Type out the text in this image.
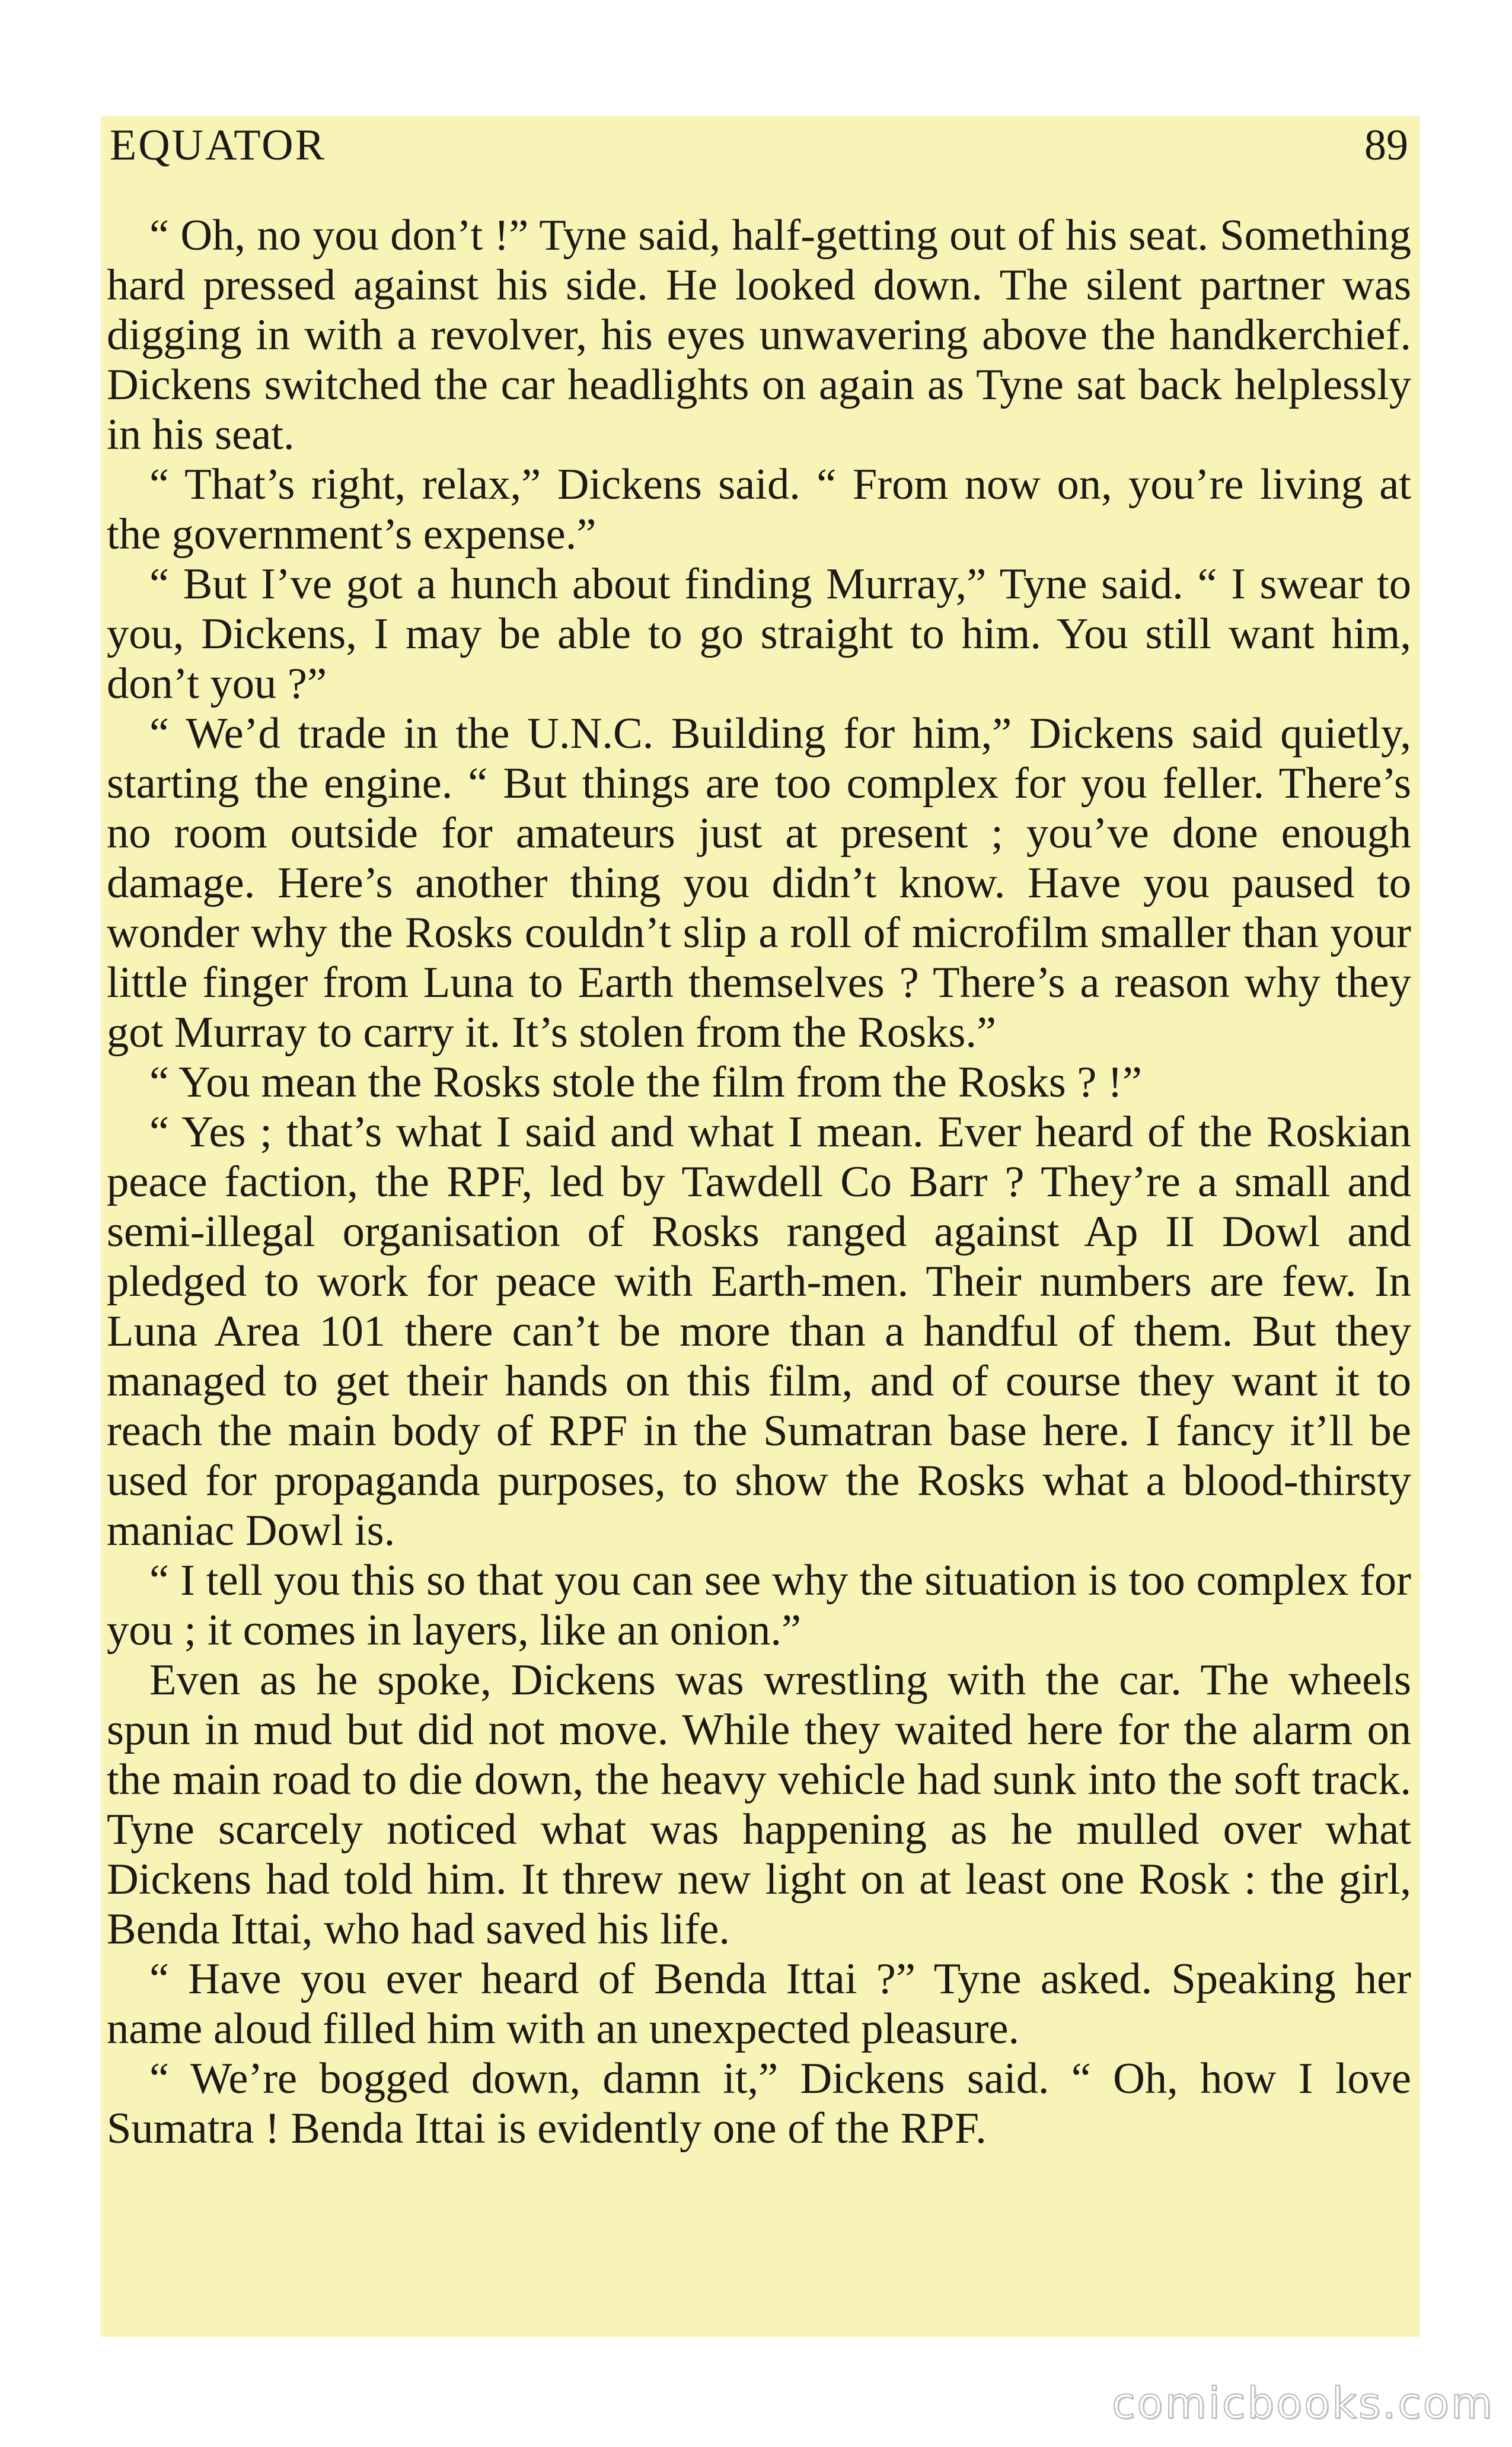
EQUATOR	89

“ Oh, no you don’t !” Tyne said, half-getting out of his seat. Something hard pressed against his side. He looked down. The silent partner was digging in with a revolver, his eyes unwavering above the handkerchief. Dickens switched the car headlights on again as Tyne sat back helplessly in his seat.

“ That’s right, relax,” Dickens said. “ From now on, you’re living at the government’s expense.”

“ But I’ve got a hunch about finding Murray,” Tyne said. “ I swear to you, Dickens, I may be able to go straight to him. You still want him, don’t you ?”

“ We’d trade in the U.N.C. Building for him,” Dickens said quietly, starting the engine. “ But things are too complex for you feller. There’s no room outside for amateurs just at present ; you’ve done enough damage. Here’s another thing you didn’t know. Have you paused to wonder why the Rosks couldn’t slip a roll of microfilm smaller than your little finger from Luna to Earth themselves ? There’s a reason why they got Murray to carry it. It’s stolen from the Rosks.”

“ You mean the Rosks stole the film from the Rosks ? !”

“ Yes ; that’s what I said and what I mean. Ever heard of the Roskian peace faction, the RPF, led by Tawdell Co Barr ? They’re a small and semi-illegal organisation of Rosks ranged against Ap II Dowl and pledged to work for peace with Earth-men. Their numbers are few. In Luna Area 101 there can’t be more than a handful of them. But they managed to get their hands on this film, and of course they want it to reach the main body of RPF in the Sumatran base here. I fancy it’ll be used for propaganda purposes, to show the Rosks what a blood-thirsty maniac Dowl is.

“ I tell you this so that you can see why the situation is too complex for you ; it comes in layers, like an onion.”

Even as he spoke, Dickens was wrestling with the car. The wheels spun in mud but did not move. While they waited here for the alarm on the main road to die down, the heavy vehicle had sunk into the soft track. Tyne scarcely noticed what was happening as he mulled over what Dickens had told him. It threw new light on at least one Rosk : the girl, Benda Ittai, who had saved his life.

“ Have you ever heard of Benda Ittai ?” Tyne asked. Speaking her name aloud filled him with an unexpected pleasure.

“ We’re bogged down, damn it,” Dickens said. “ Oh, how I love Sumatra ! Benda Ittai is evidently one of the RPF.

comicbooks.com
